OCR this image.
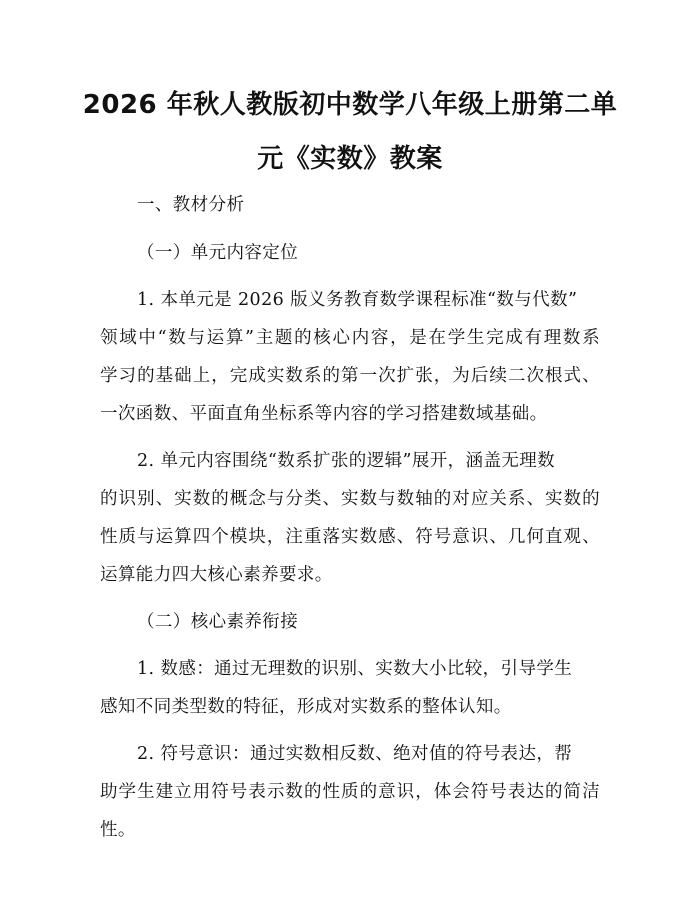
2026 年秋人教版初中数学八年级上册第二单
元《实数》教案
一、教材分析
（一）单元内容定位
1. 本单元是 2026 版义务教育数学课程标准“数与代数”
领域中“数与运算”主题的核心内容，是在学生完成有理数系
学习的基础上，完成实数系的第一次扩张，为后续二次根式、
一次函数、平面直角坐标系等内容的学习搭建数域基础。
2. 单元内容围绕“数系扩张的逻辑”展开，涵盖无理数
的识别、实数的概念与分类、实数与数轴的对应关系、实数的
性质与运算四个模块，注重落实数感、符号意识、几何直观、
运算能力四大核心素养要求。
（二）核心素养衔接
1. 数感：通过无理数的识别、实数大小比较，引导学生
感知不同类型数的特征，形成对实数系的整体认知。
2. 符号意识：通过实数相反数、绝对值的符号表达，帮
助学生建立用符号表示数的性质的意识，体会符号表达的简洁
性。
